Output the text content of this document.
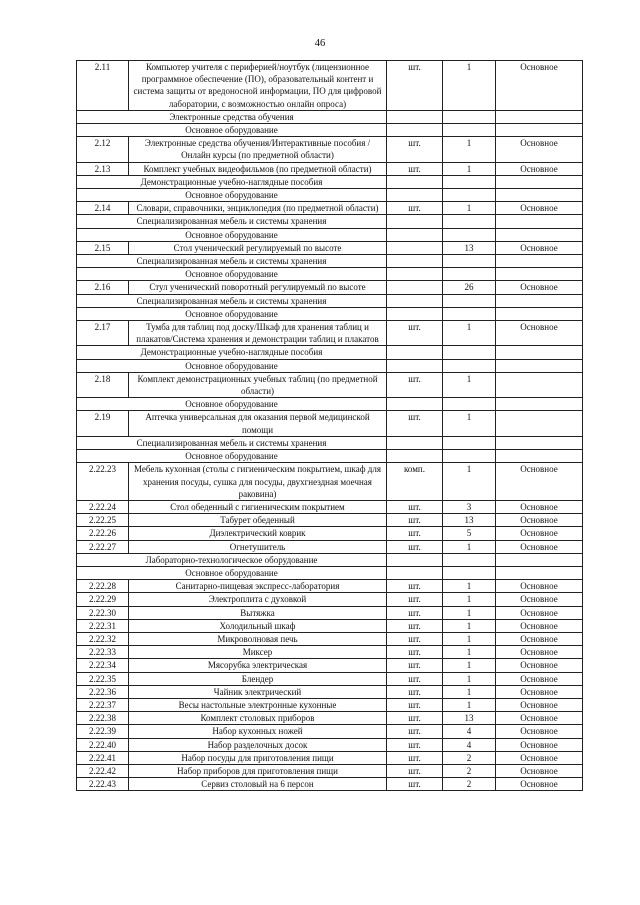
46
2.11	Компьютер учителя с периферией/ноутбук (лицензионное программное обеспечение (ПО), образовательный контент и система защиты от вредоносной информации, ПО для цифровой лаборатории, с возможностью онлайн опроса)	шт.	1	Основное
Электронные средства обучения				
Основное оборудование				
2.12	Электронные средства обучения/Интерактивные пособия / Онлайн курсы (по предметной области)	шт.	1	Основное
2.13	Комплект учебных видеофильмов (по предметной области)	шт.	1	Основное
Демонстрационные учебно-наглядные пособия				
Основное оборудование				
2.14	Словари, справочники, энциклопедия (по предметной области)	шт.	1	Основное
Специализированная мебель и системы хранения				
Основное оборудование				
2.15	Стол ученический регулируемый по высоте		13	Основное
Специализированная мебель и системы хранения				
Основное оборудование				
2.16	Стул ученический поворотный регулируемый по высоте		26	Основное
Специализированная мебель и системы хранения				
Основное оборудование				
2.17	Тумба для таблиц под доску/Шкаф для хранения таблиц и плакатов/Система хранения и демонстрации таблиц и плакатов	шт.	1	Основное
Демонстрационные учебно-наглядные пособия				
Основное оборудование				
2.18	Комплект демонстрационных учебных таблиц (по предметной области)	шт.	1	
Основное оборудование				
2.19	Аптечка универсальная для оказания первой медицинской помощи	шт.	1	
Специализированная мебель и системы хранения				
Основное оборудование				
2.22.23	Мебель кухонная (столы с гигиеническим покрытием, шкаф для хранения посуды, сушка для посуды, двухгнездная моечная раковина)	комп.	1	Основное
2.22.24	Стол обеденный с гигиеническим покрытием	шт.	3	Основное
2.22.25	Табурет обеденный	шт.	13	Основное
2.22.26	Диэлектрический коврик	шт.	5	Основное
2.22.27	Огнетушитель	шт.	1	Основное
Лабораторно-технологическое оборудование				
Основное оборудование				
2.22.28	Санитарно-пищевая экспресс-лаборатория	шт.	1	Основное
2.22.29	Электроплита с духовкой	шт.	1	Основное
2.22.30	Вытяжка	шт.	1	Основное
2.22.31	Холодильный шкаф	шт.	1	Основное
2.22.32	Микроволновая печь	шт.	1	Основное
2.22.33	Миксер	шт.	1	Основное
2.22.34	Мясорубка электрическая	шт.	1	Основное
2.22.35	Блендер	шт.	1	Основное
2.22.36	Чайник электрический	шт.	1	Основное
2.22.37	Весы настольные электронные кухонные	шт.	1	Основное
2.22.38	Комплект столовых приборов	шт.	13	Основное
2.22.39	Набор кухонных ножей	шт.	4	Основное
2.22.40	Набор разделочных досок	шт.	4	Основное
2.22.41	Набор посуды для приготовления пищи	шт.	2	Основное
2.22.42	Набор приборов для приготовления пищи	шт.	2	Основное
2.22.43	Сервиз столовый на 6 персон	шт.	2	Основное
